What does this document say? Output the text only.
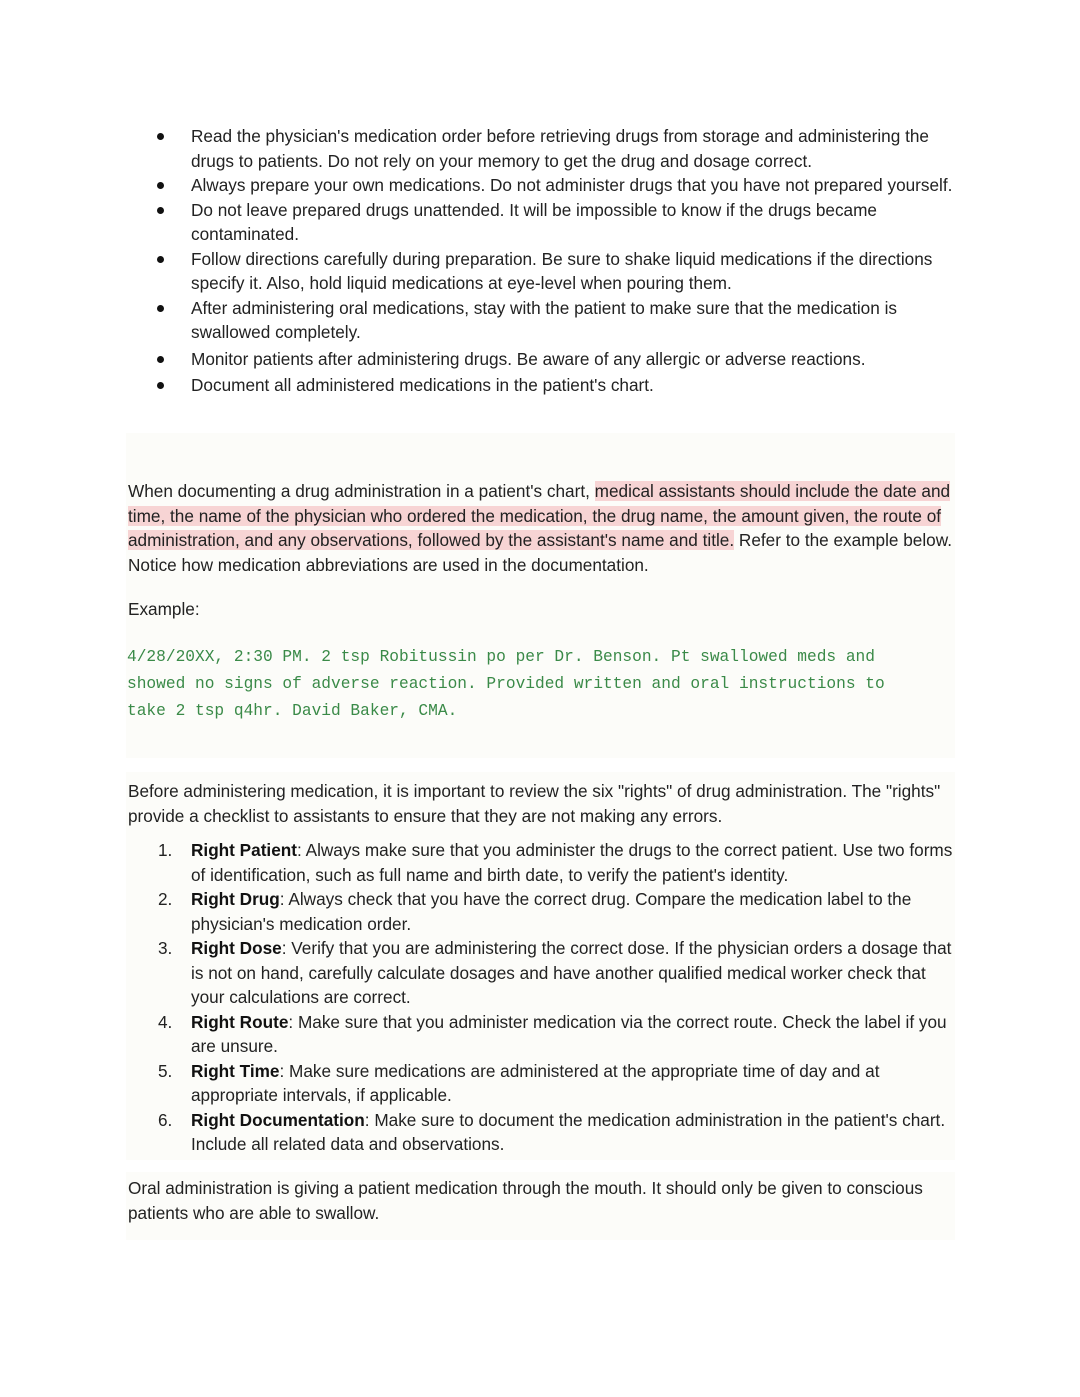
Read the physician's medication order before retrieving drugs from storage and administering the drugs to patients. Do not rely on your memory to get the drug and dosage correct.
Always prepare your own medications. Do not administer drugs that you have not prepared yourself.
Do not leave prepared drugs unattended. It will be impossible to know if the drugs became contaminated.
Follow directions carefully during preparation. Be sure to shake liquid medications if the directions specify it. Also, hold liquid medications at eye-level when pouring them.
After administering oral medications, stay with the patient to make sure that the medication is swallowed completely.
Monitor patients after administering drugs. Be aware of any allergic or adverse reactions.
Document all administered medications in the patient's chart.

When documenting a drug administration in a patient's chart, medical assistants should include the date and time, the name of the physician who ordered the medication, the drug name, the amount given, the route of administration, and any observations, followed by the assistant's name and title. Refer to the example below. Notice how medication abbreviations are used in the documentation.

Example:

4/28/20XX, 2:30 PM. 2 tsp Robitussin po per Dr. Benson. Pt swallowed meds and
showed no signs of adverse reaction. Provided written and oral instructions to
take 2 tsp q4hr. David Baker, CMA.

Before administering medication, it is important to review the six "rights" of drug administration. The "rights" provide a checklist to assistants to ensure that they are not making any errors.

1. Right Patient: Always make sure that you administer the drugs to the correct patient. Use two forms of identification, such as full name and birth date, to verify the patient's identity.
2. Right Drug: Always check that you have the correct drug. Compare the medication label to the physician's medication order.
3. Right Dose: Verify that you are administering the correct dose. If the physician orders a dosage that is not on hand, carefully calculate dosages and have another qualified medical worker check that your calculations are correct.
4. Right Route: Make sure that you administer medication via the correct route. Check the label if you are unsure.
5. Right Time: Make sure medications are administered at the appropriate time of day and at appropriate intervals, if applicable.
6. Right Documentation: Make sure to document the medication administration in the patient's chart. Include all related data and observations.

Oral administration is giving a patient medication through the mouth. It should only be given to conscious patients who are able to swallow.
